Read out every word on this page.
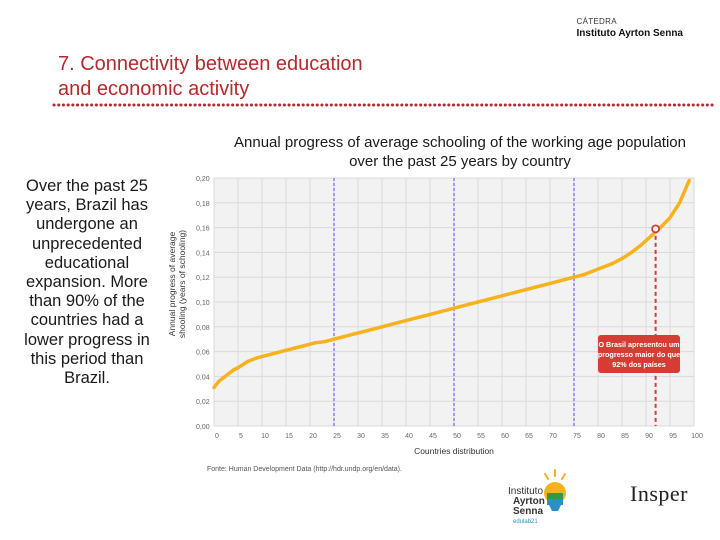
CÁTEDRA
Instituto Ayrton Senna
7. Connectivity between education
and economic activity
Over the past 25 years, Brazil has undergone an unprecedented educational expansion. More than 90% of the countries had a lower progress in this period than Brazil.
Annual progress of average schooling of the working age population over the past 25 years by country
0,00
0,02
0,04
0,06
0,08
0,10
0,12
0,14
0,16
0,18
0,20
0	5	10 15 20 25 30 35 40 45 50 55 60 65 70 75 80 85 90 95 100
O Brasil apresentou um
progresso maior do que
92% dos países
Annual progress of averageshooling (years of schooling)
Countries distribution
Fonte: Human Development Data (http://hdr.undp.org/en/data).
Instituto
Ayrton
Senna
edulab21
Insper
